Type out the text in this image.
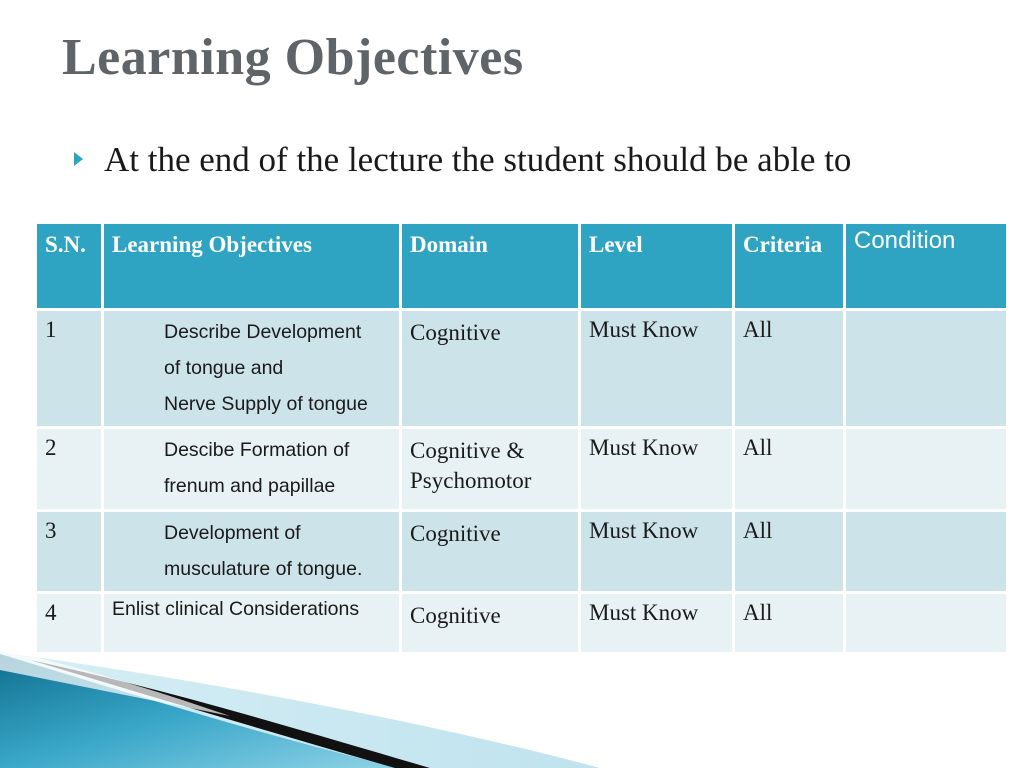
Learning Objectives
At the end of the lecture the student should be able to
S.N.	Learning Objectives	Domain	Level	Criteria	Condition
1	Describe Development
of tongue and
Nerve Supply of tongue	Cognitive	Must Know	All	
2	Descibe Formation of
frenum and papillae	Cognitive &
Psychomotor	Must Know	All	
3	Development of
musculature of tongue.	Cognitive	Must Know	All	
4	Enlist clinical Considerations	Cognitive	Must Know	All	
